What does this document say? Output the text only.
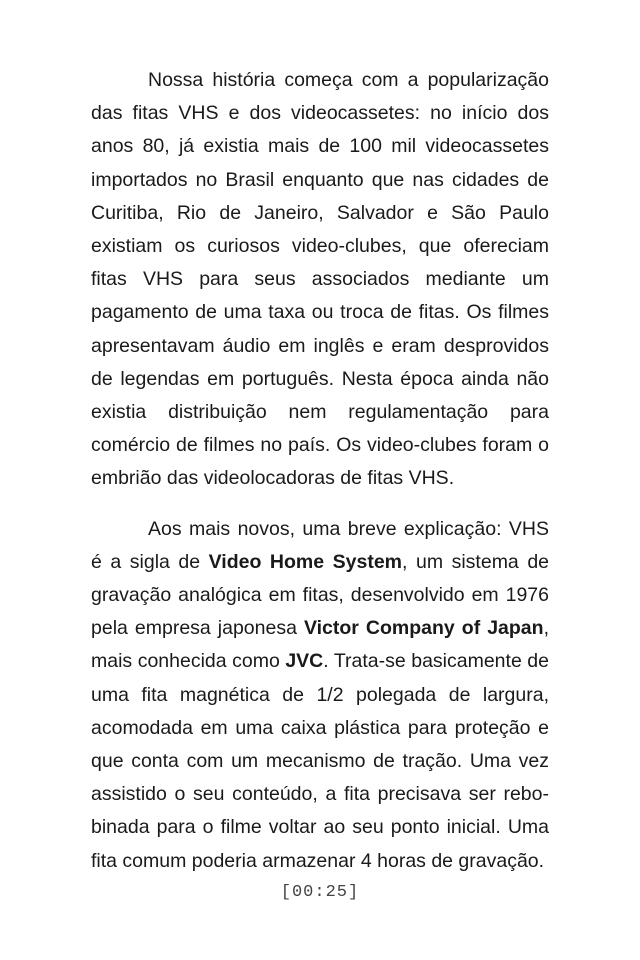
Nossa história começa com a popularização das fitas VHS e dos videocassetes: no início dos anos 80, já existia mais de 100 mil videocassetes importados no Brasil enquanto que nas cidades de Curitiba, Rio de Janeiro, Salvador e São Paulo existiam os curiosos video-clubes, que ofereciam fitas VHS para seus associados mediante um pagamento de uma taxa ou troca de fitas. Os filmes apresentavam áudio em inglês e eram desprovidos de legendas em português. Nesta época ainda não existia distribuição nem regulamentação para comércio de filmes no país. Os video-clubes foram o embrião das videolocadoras de fitas VHS.

Aos mais novos, uma breve explicação: VHS é a sigla de Video Home System, um sistema de gravação analógica em fitas, desenvolvido em 1976 pela empresa japonesa Victor Company of Japan, mais conhecida como JVC. Trata-se basicamente de uma fita magnética de 1/2 polegada de largura, acomodada em uma caixa plástica para proteção e que conta com um mecanismo de tração. Uma vez assistido o seu conteúdo, a fita precisava ser rebo-binada para o filme voltar ao seu ponto inicial. Uma fita comum poderia armazenar 4 horas de gravação.

[00:25]
